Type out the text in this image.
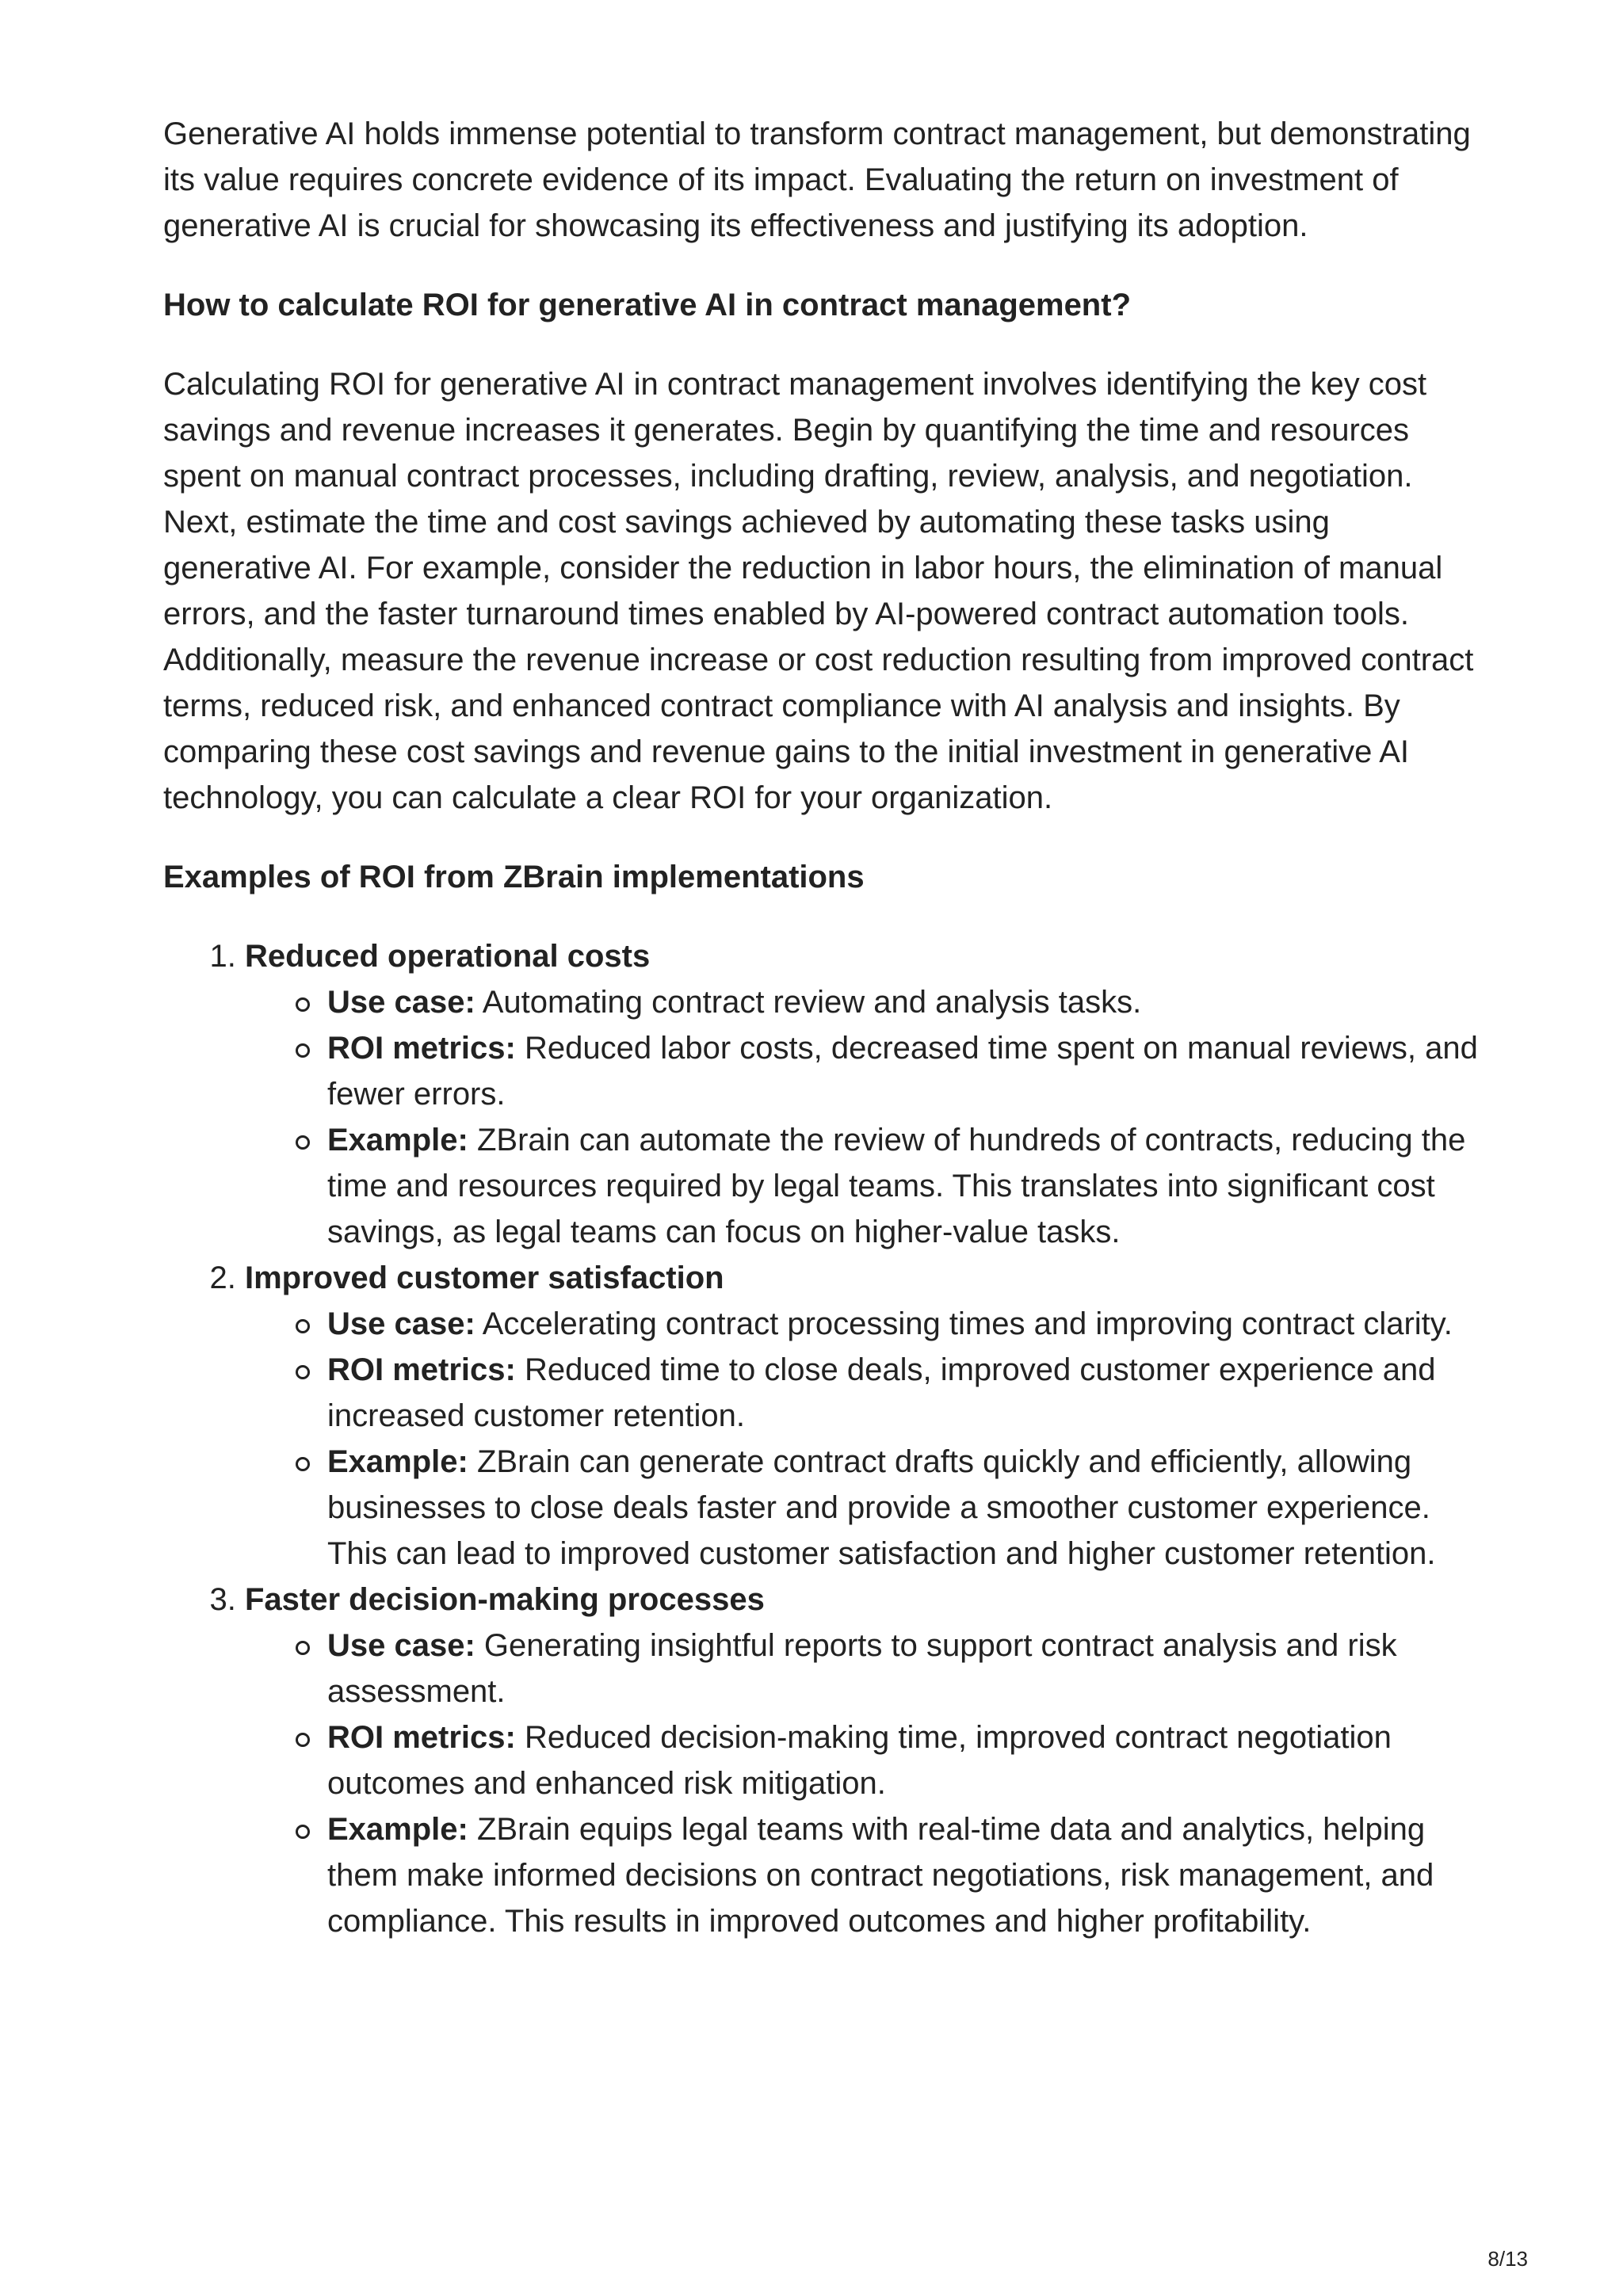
Generative AI holds immense potential to transform contract management, but demonstrating its value requires concrete evidence of its impact. Evaluating the return on investment of generative AI is crucial for showcasing its effectiveness and justifying its adoption.

How to calculate ROI for generative AI in contract management?

Calculating ROI for generative AI in contract management involves identifying the key cost savings and revenue increases it generates. Begin by quantifying the time and resources spent on manual contract processes, including drafting, review, analysis, and negotiation. Next, estimate the time and cost savings achieved by automating these tasks using generative AI. For example, consider the reduction in labor hours, the elimination of manual errors, and the faster turnaround times enabled by AI-powered contract automation tools. Additionally, measure the revenue increase or cost reduction resulting from improved contract terms, reduced risk, and enhanced contract compliance with AI analysis and insights. By comparing these cost savings and revenue gains to the initial investment in generative AI technology, you can calculate a clear ROI for your organization.

Examples of ROI from ZBrain implementations
1. Reduced operational costs
Use case: Automating contract review and analysis tasks.
ROI metrics: Reduced labor costs, decreased time spent on manual reviews, and fewer errors.
Example: ZBrain can automate the review of hundreds of contracts, reducing the time and resources required by legal teams. This translates into significant cost savings, as legal teams can focus on higher-value tasks.
2. Improved customer satisfaction
Use case: Accelerating contract processing times and improving contract clarity.
ROI metrics: Reduced time to close deals, improved customer experience and increased customer retention.
Example: ZBrain can generate contract drafts quickly and efficiently, allowing businesses to close deals faster and provide a smoother customer experience. This can lead to improved customer satisfaction and higher customer retention.
3. Faster decision-making processes
Use case: Generating insightful reports to support contract analysis and risk assessment.
ROI metrics: Reduced decision-making time, improved contract negotiation outcomes and enhanced risk mitigation.
Example: ZBrain equips legal teams with real-time data and analytics, helping them make informed decisions on contract negotiations, risk management, and compliance. This results in improved outcomes and higher profitability.
8/13
